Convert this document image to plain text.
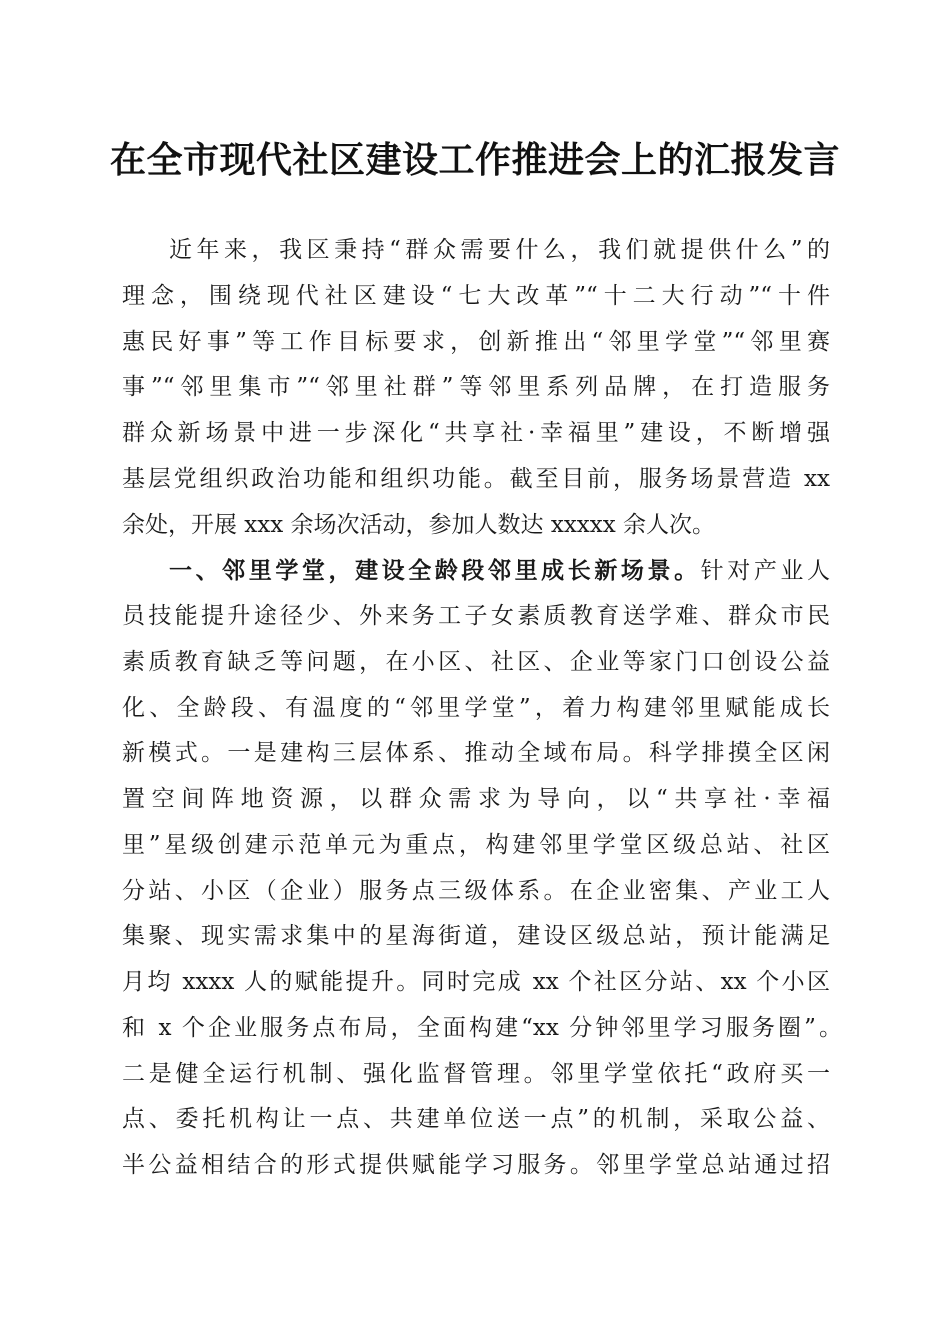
在全市现代社区建设工作推进会上的汇报发言
近年来，我区秉持“群众需要什么，我们就提供什么”的
理念，围绕现代社区建设“七大改革”“十二大行动”“十件
惠民好事”等工作目标要求，创新推出“邻里学堂”“邻里赛
事”“邻里集市”“邻里社群”等邻里系列品牌，在打造服务
群众新场景中进一步深化“共享社·幸福里”建设，不断增强
基层党组织政治功能和组织功能。截至目前，服务场景营造 xx
余处，开展 xxx 余场次活动，参加人数达 xxxxx 余人次。
一、邻里学堂，建设全龄段邻里成长新场景。针对产业人
员技能提升途径少、外来务工子女素质教育送学难、群众市民
素质教育缺乏等问题，在小区、社区、企业等家门口创设公益
化、全龄段、有温度的“邻里学堂”，着力构建邻里赋能成长
新模式。一是建构三层体系、推动全域布局。科学排摸全区闲
置空间阵地资源，以群众需求为导向，以“共享社·幸福
里”星级创建示范单元为重点，构建邻里学堂区级总站、社区
分站、小区（企业）服务点三级体系。在企业密集、产业工人
集聚、现实需求集中的星海街道，建设区级总站，预计能满足
月均 xxxx 人的赋能提升。同时完成 xx 个社区分站、xx 个小区
和 x 个企业服务点布局，全面构建“xx 分钟邻里学习服务圈”。
二是健全运行机制、强化监督管理。邻里学堂依托“政府买一
点、委托机构让一点、共建单位送一点”的机制，采取公益、
半公益相结合的形式提供赋能学习服务。邻里学堂总站通过招
